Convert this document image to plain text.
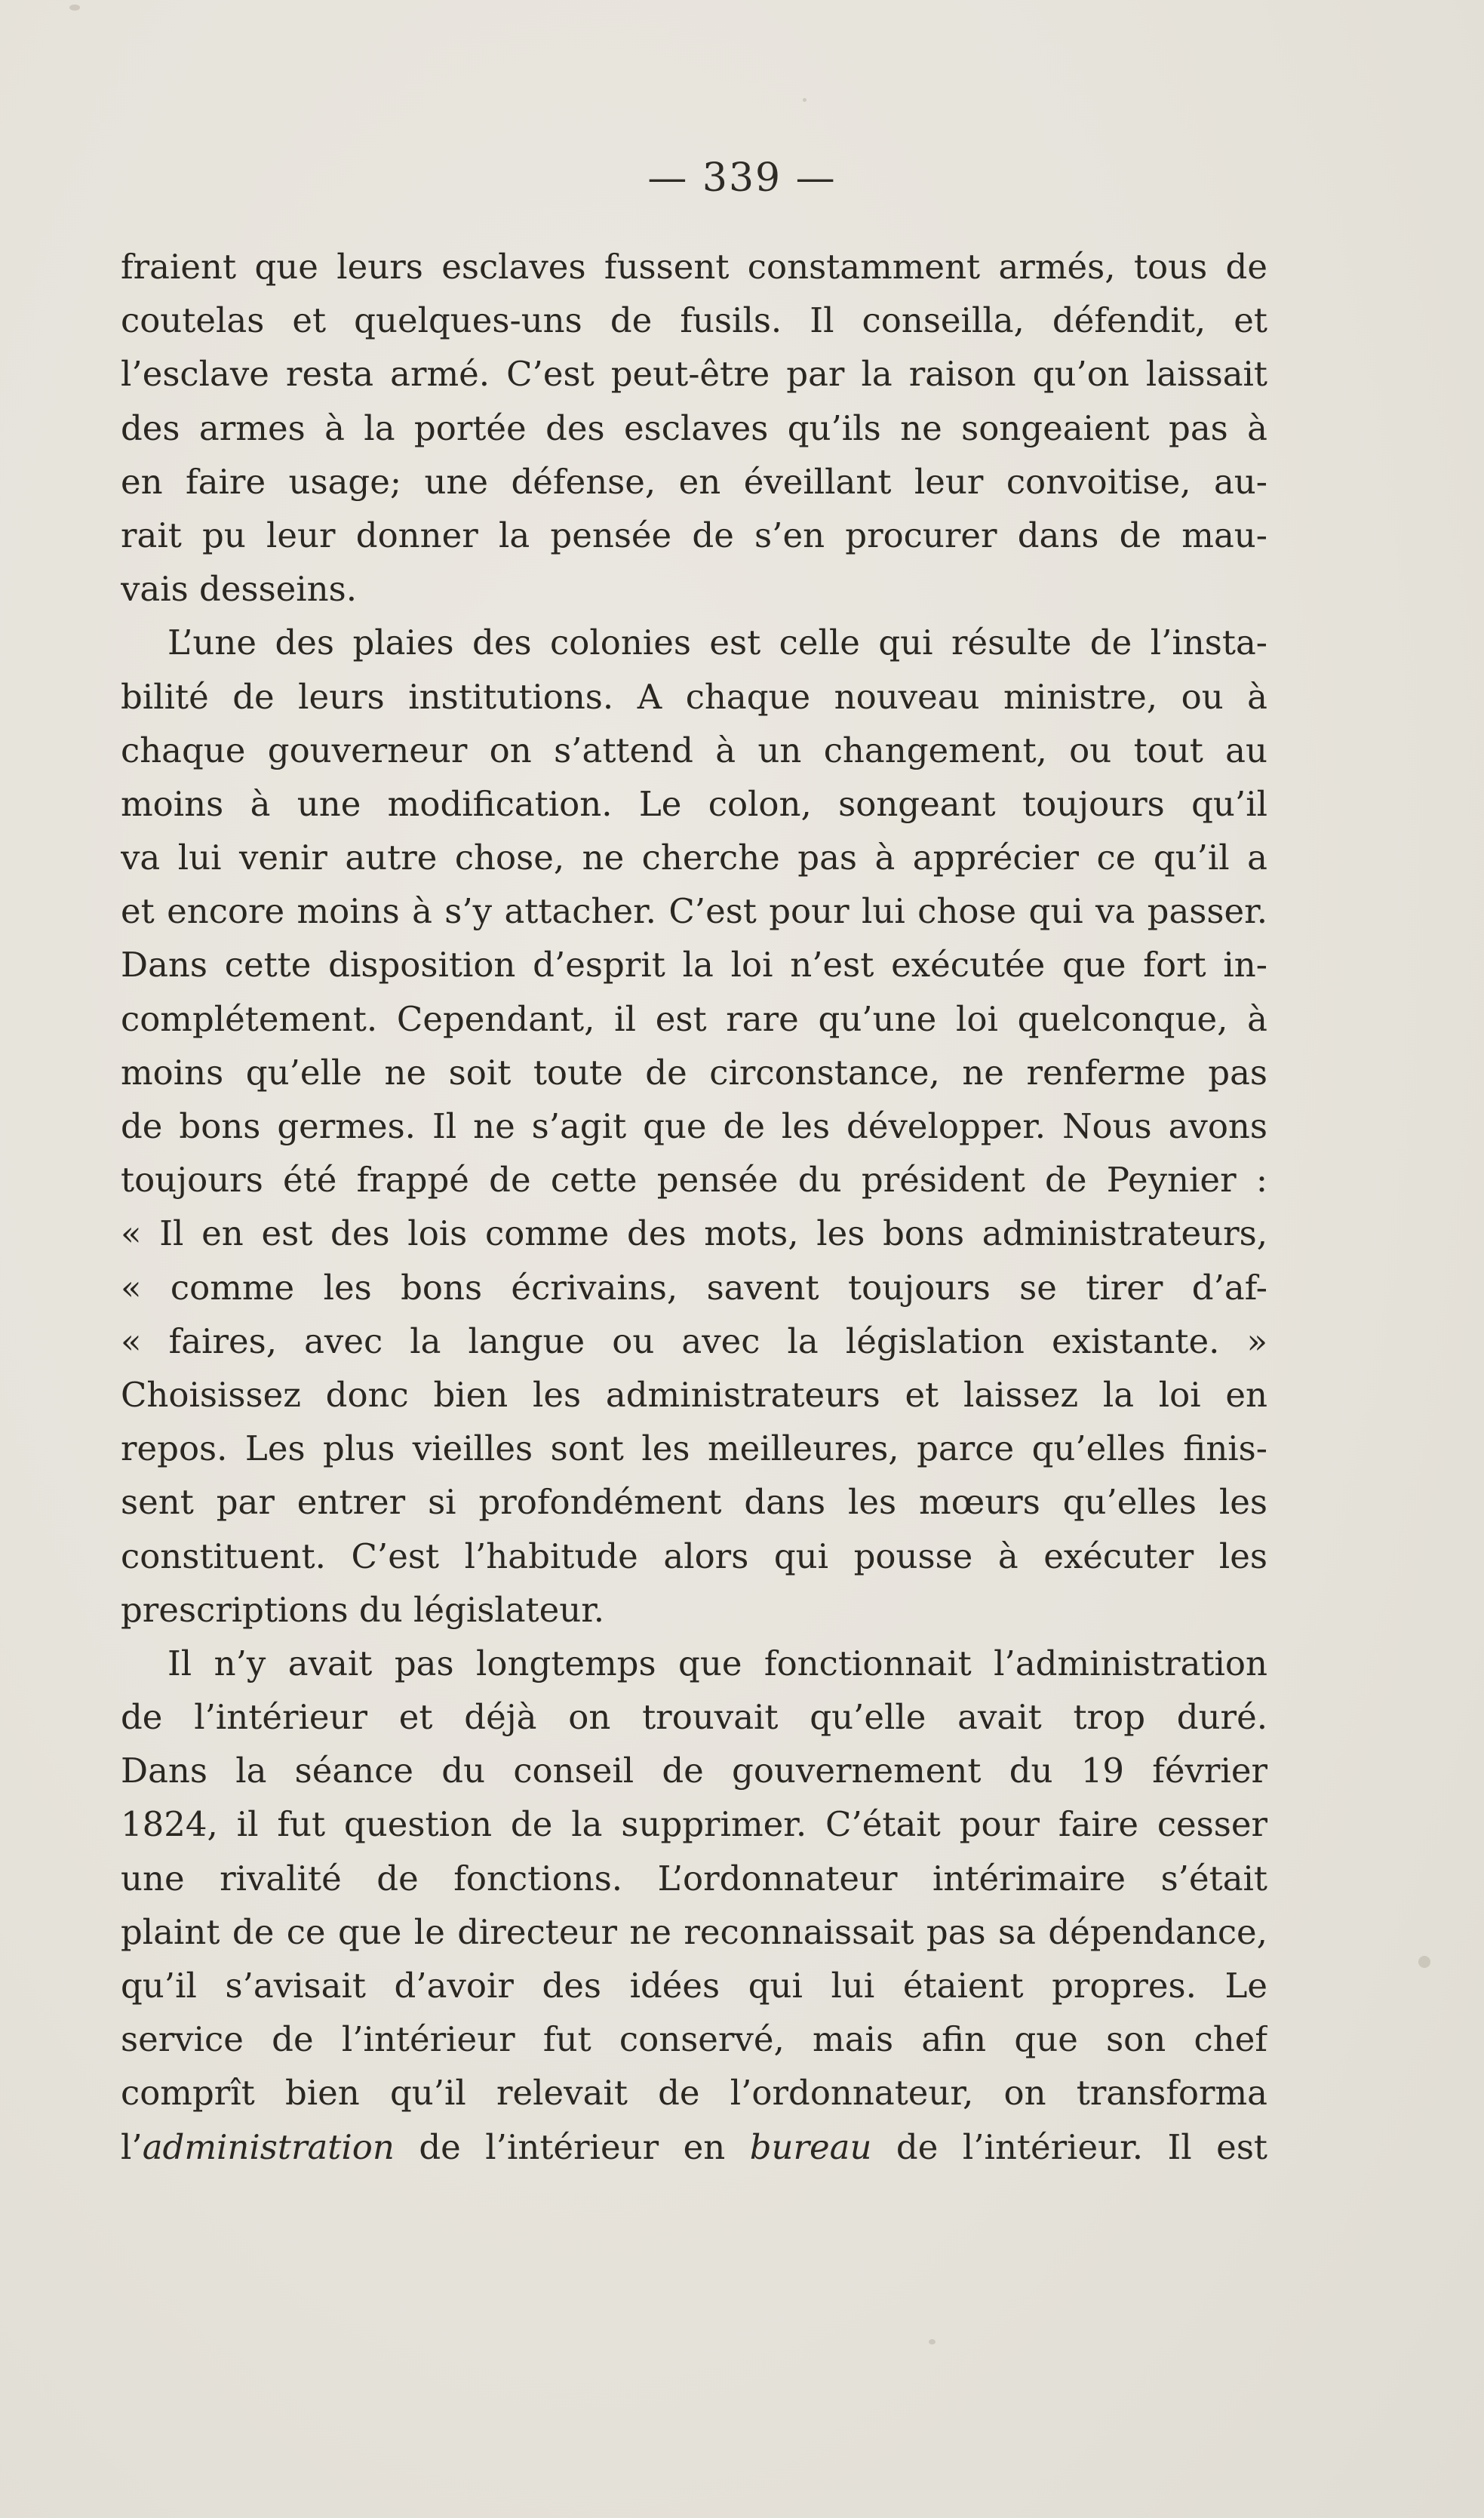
— 339 —
fraient que leurs esclaves fussent constamment armés, tous de
coutelas et quelques-uns de fusils. Il conseilla, défendit, et
l’esclave resta armé. C’est peut-être par la raison qu’on laissait
des armes à la portée des esclaves qu’ils ne songeaient pas à
en faire usage; une défense, en éveillant leur convoitise, au-
rait pu leur donner la pensée de s’en procurer dans de mau-
vais desseins.
L’une des plaies des colonies est celle qui résulte de l’insta-
bilité de leurs institutions. A chaque nouveau ministre, ou à
chaque gouverneur on s’attend à un changement, ou tout au
moins à une modification. Le colon, songeant toujours qu’il
va lui venir autre chose, ne cherche pas à apprécier ce qu’il a
et encore moins à s’y attacher. C’est pour lui chose qui va passer.
Dans cette disposition d’esprit la loi n’est exécutée que fort in-
complétement. Cependant, il est rare qu’une loi quelconque, à
moins qu’elle ne soit toute de circonstance, ne renferme pas
de bons germes. Il ne s’agit que de les développer. Nous avons
toujours été frappé de cette pensée du président de Peynier :
« Il en est des lois comme des mots, les bons administrateurs,
« comme les bons écrivains, savent toujours se tirer d’af-
« faires, avec la langue ou avec la législation existante. »
Choisissez donc bien les administrateurs et laissez la loi en
repos. Les plus vieilles sont les meilleures, parce qu’elles finis-
sent par entrer si profondément dans les mœurs qu’elles les
constituent. C’est l’habitude alors qui pousse à exécuter les
prescriptions du législateur.
Il n’y avait pas longtemps que fonctionnait l’administration
de l’intérieur et déjà on trouvait qu’elle avait trop duré.
Dans la séance du conseil de gouvernement du 19 février
1824, il fut question de la supprimer. C’était pour faire cesser
une rivalité de fonctions. L’ordonnateur intérimaire s’était
plaint de ce que le directeur ne reconnaissait pas sa dépendance,
qu’il s’avisait d’avoir des idées qui lui étaient propres. Le
service de l’intérieur fut conservé, mais afin que son chef
comprît bien qu’il relevait de l’ordonnateur, on transforma
l’administration de l’intérieur en bureau de l’intérieur. Il est
